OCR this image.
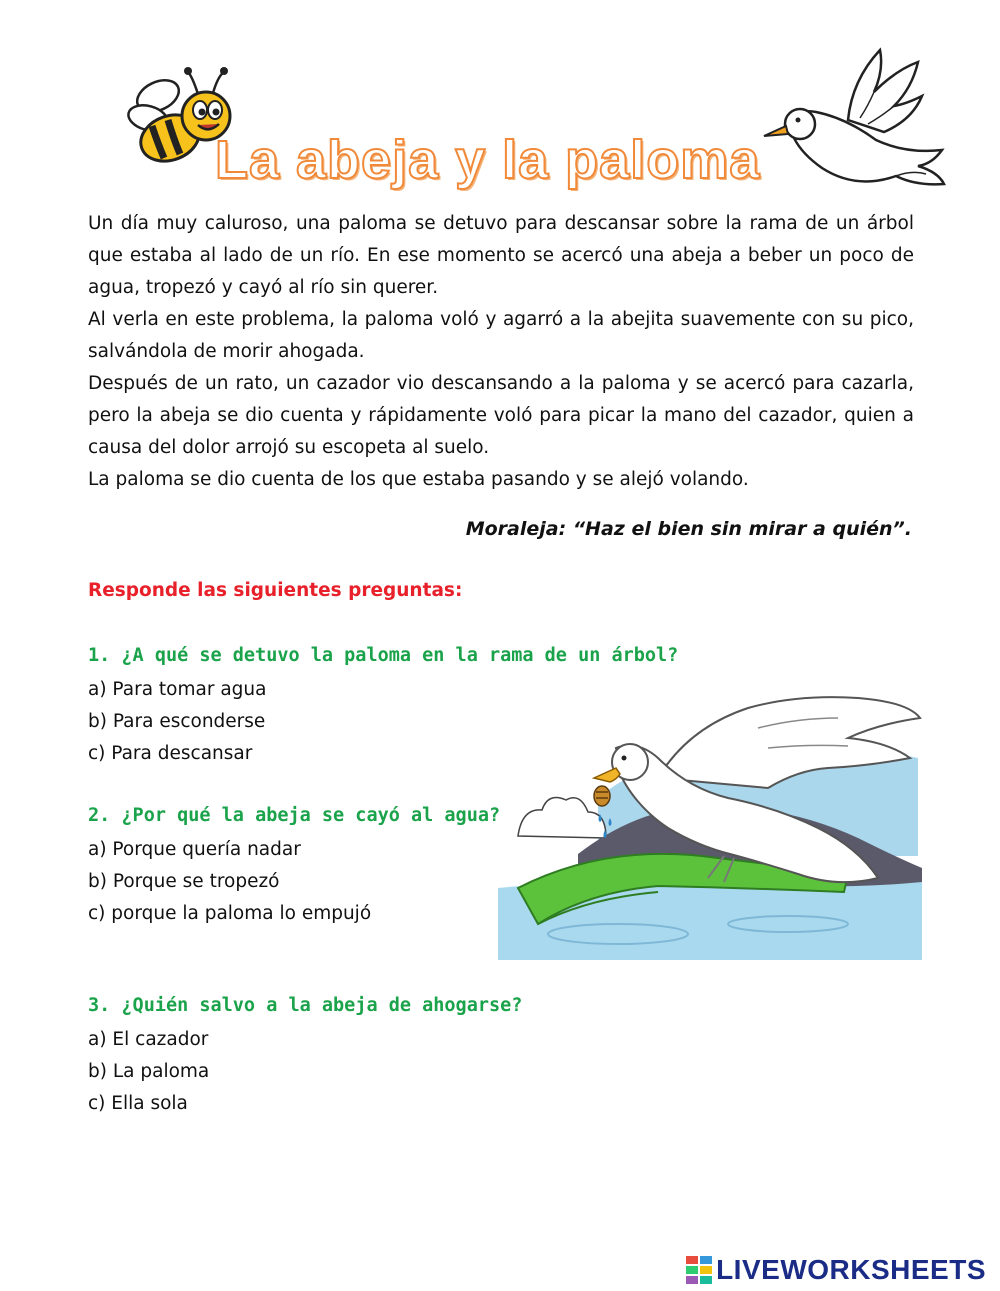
La abeja y la paloma

Un día muy caluroso, una paloma se detuvo para descansar sobre la rama de un árbol que estaba al lado de un río. En ese momento se acercó una abeja a beber un poco de agua, tropezó y cayó al río sin querer.

Al verla en este problema, la paloma voló y agarró a la abejita suavemente con su pico, salvándola de morir ahogada.

Después de un rato, un cazador vio descansando a la paloma y se acercó para cazarla, pero la abeja se dio cuenta y rápidamente voló para picar la mano del cazador, quien a causa del dolor arrojó su escopeta al suelo.

La paloma se dio cuenta de los que estaba pasando y se alejó volando.

Moraleja: “Haz el bien sin mirar a quién”.

Responde las siguientes preguntas:

1. ¿A qué se detuvo la paloma en la rama de un árbol?

a) Para tomar agua
b) Para esconderse
c) Para descansar

2. ¿Por qué la abeja se cayó al agua?

a) Porque quería nadar
b) Porque se tropezó
c) porque la paloma lo empujó

3. ¿Quién salvo a la abeja de ahogarse?

a) El cazador
b) La paloma
c) Ella sola
LIVEWORKSHEETS
